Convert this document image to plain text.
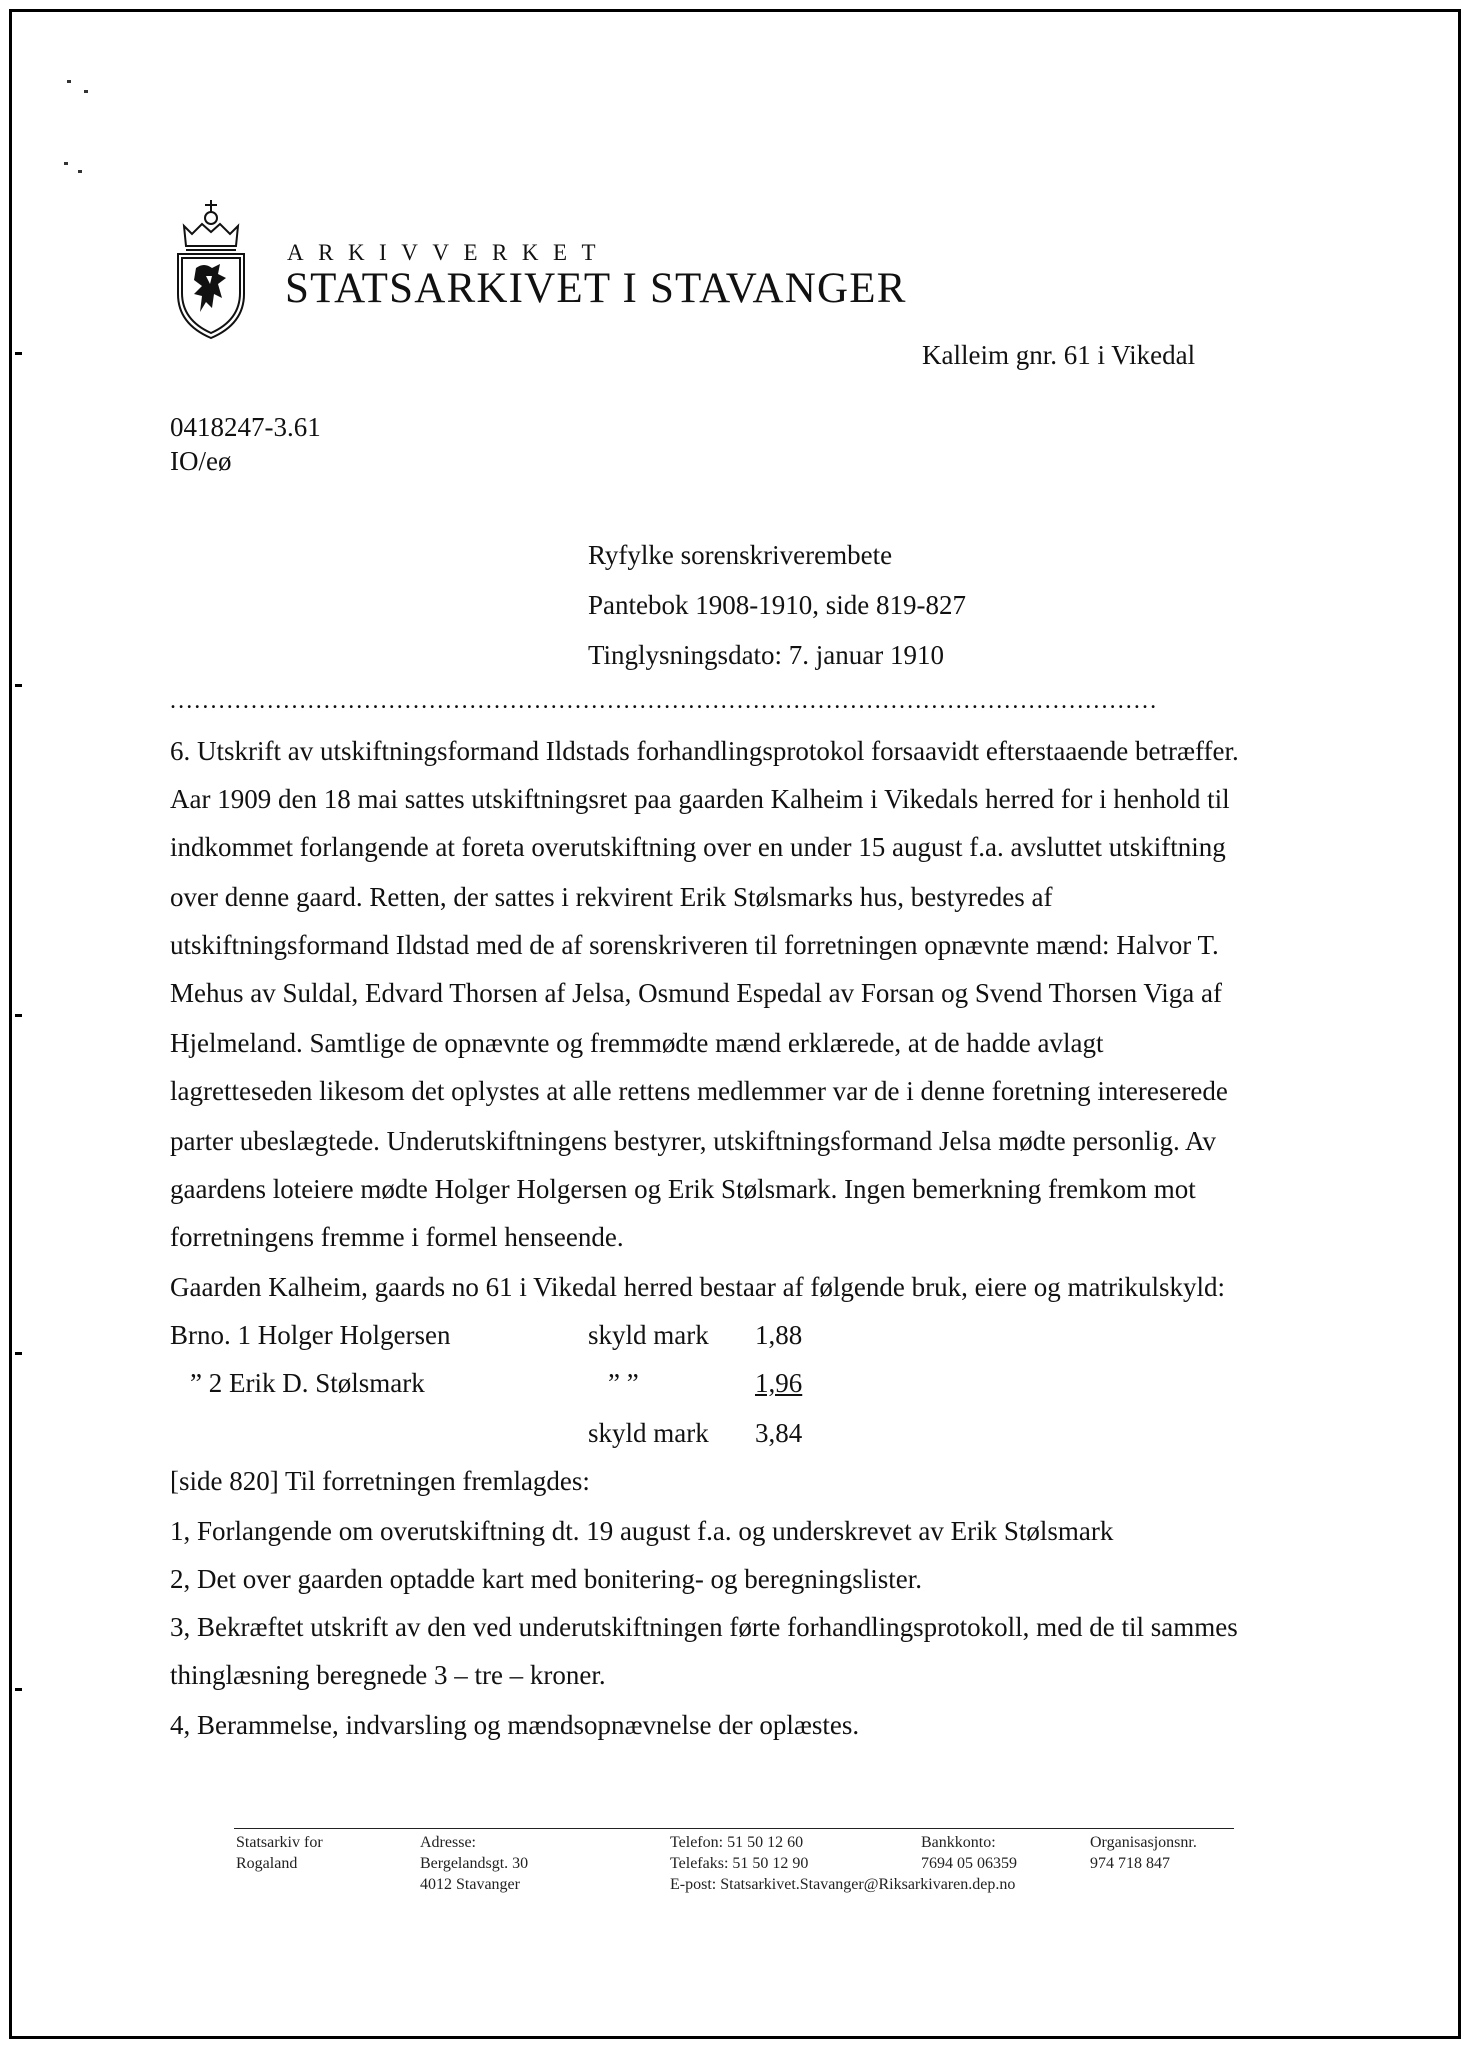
ARKIVVERKET
STATSARKIVET I STAVANGER
Kalleim gnr. 61 i Vikedal
0418247-3.61
IO/eø
Ryfylke sorenskriverembete
Pantebok 1908-1910, side 819-827
Tinglysningsdato: 7. januar 1910
..........................................................................................................................
6. Utskrift av utskiftningsformand Ildstads forhandlingsprotokol forsaavidt efterstaaende betræffer.
Aar 1909 den 18 mai sattes utskiftningsret paa gaarden Kalheim i Vikedals herred for i henhold til
indkommet forlangende at foreta overutskiftning over en under 15 august f.a. avsluttet utskiftning
over denne gaard. Retten, der sattes i rekvirent Erik Stølsmarks hus, bestyredes af
utskiftningsformand Ildstad med de af sorenskriveren til forretningen opnævnte mænd: Halvor T.
Mehus av Suldal, Edvard Thorsen af Jelsa, Osmund Espedal av Forsan og Svend Thorsen Viga af
Hjelmeland. Samtlige de opnævnte og fremmødte mænd erklærede, at de hadde avlagt
lagretteseden likesom det oplystes at alle rettens medlemmer var de i denne foretning intereserede
parter ubeslægtede. Underutskiftningens bestyrer, utskiftningsformand Jelsa mødte personlig. Av
gaardens loteiere mødte Holger Holgersen og Erik Stølsmark. Ingen bemerkning fremkom mot
forretningens fremme i formel henseende.
Gaarden Kalheim, gaards no 61 i Vikedal herred bestaar af følgende bruk, eiere og matrikulskyld:
Brno. 1 Holger Holgersen	skyld mark 1,88
” 2 Erik D. Stølsmark	” ”	1,96
skyld mark 3,84
[side 820] Til forretningen fremlagdes:
1, Forlangende om overutskiftning dt. 19 august f.a. og underskrevet av Erik Stølsmark
2, Det over gaarden optadde kart med bonitering- og beregningslister.
3, Bekræftet utskrift av den ved underutskiftningen førte forhandlingsprotokoll, med de til sammes
thinglæsning beregnede 3 – tre – kroner.
4, Berammelse, indvarsling og mændsopnævnelse der oplæstes.
Statsarkiv for
Rogaland
Adresse:
Bergelandsgt. 30
4012 Stavanger
Telefon: 51 50 12 60
Telefaks: 51 50 12 90
E-post: Statsarkivet.Stavanger@Riksarkivaren.dep.no
Bankkonto:
7694 05 06359
Organisasjonsnr.
974 718 847
